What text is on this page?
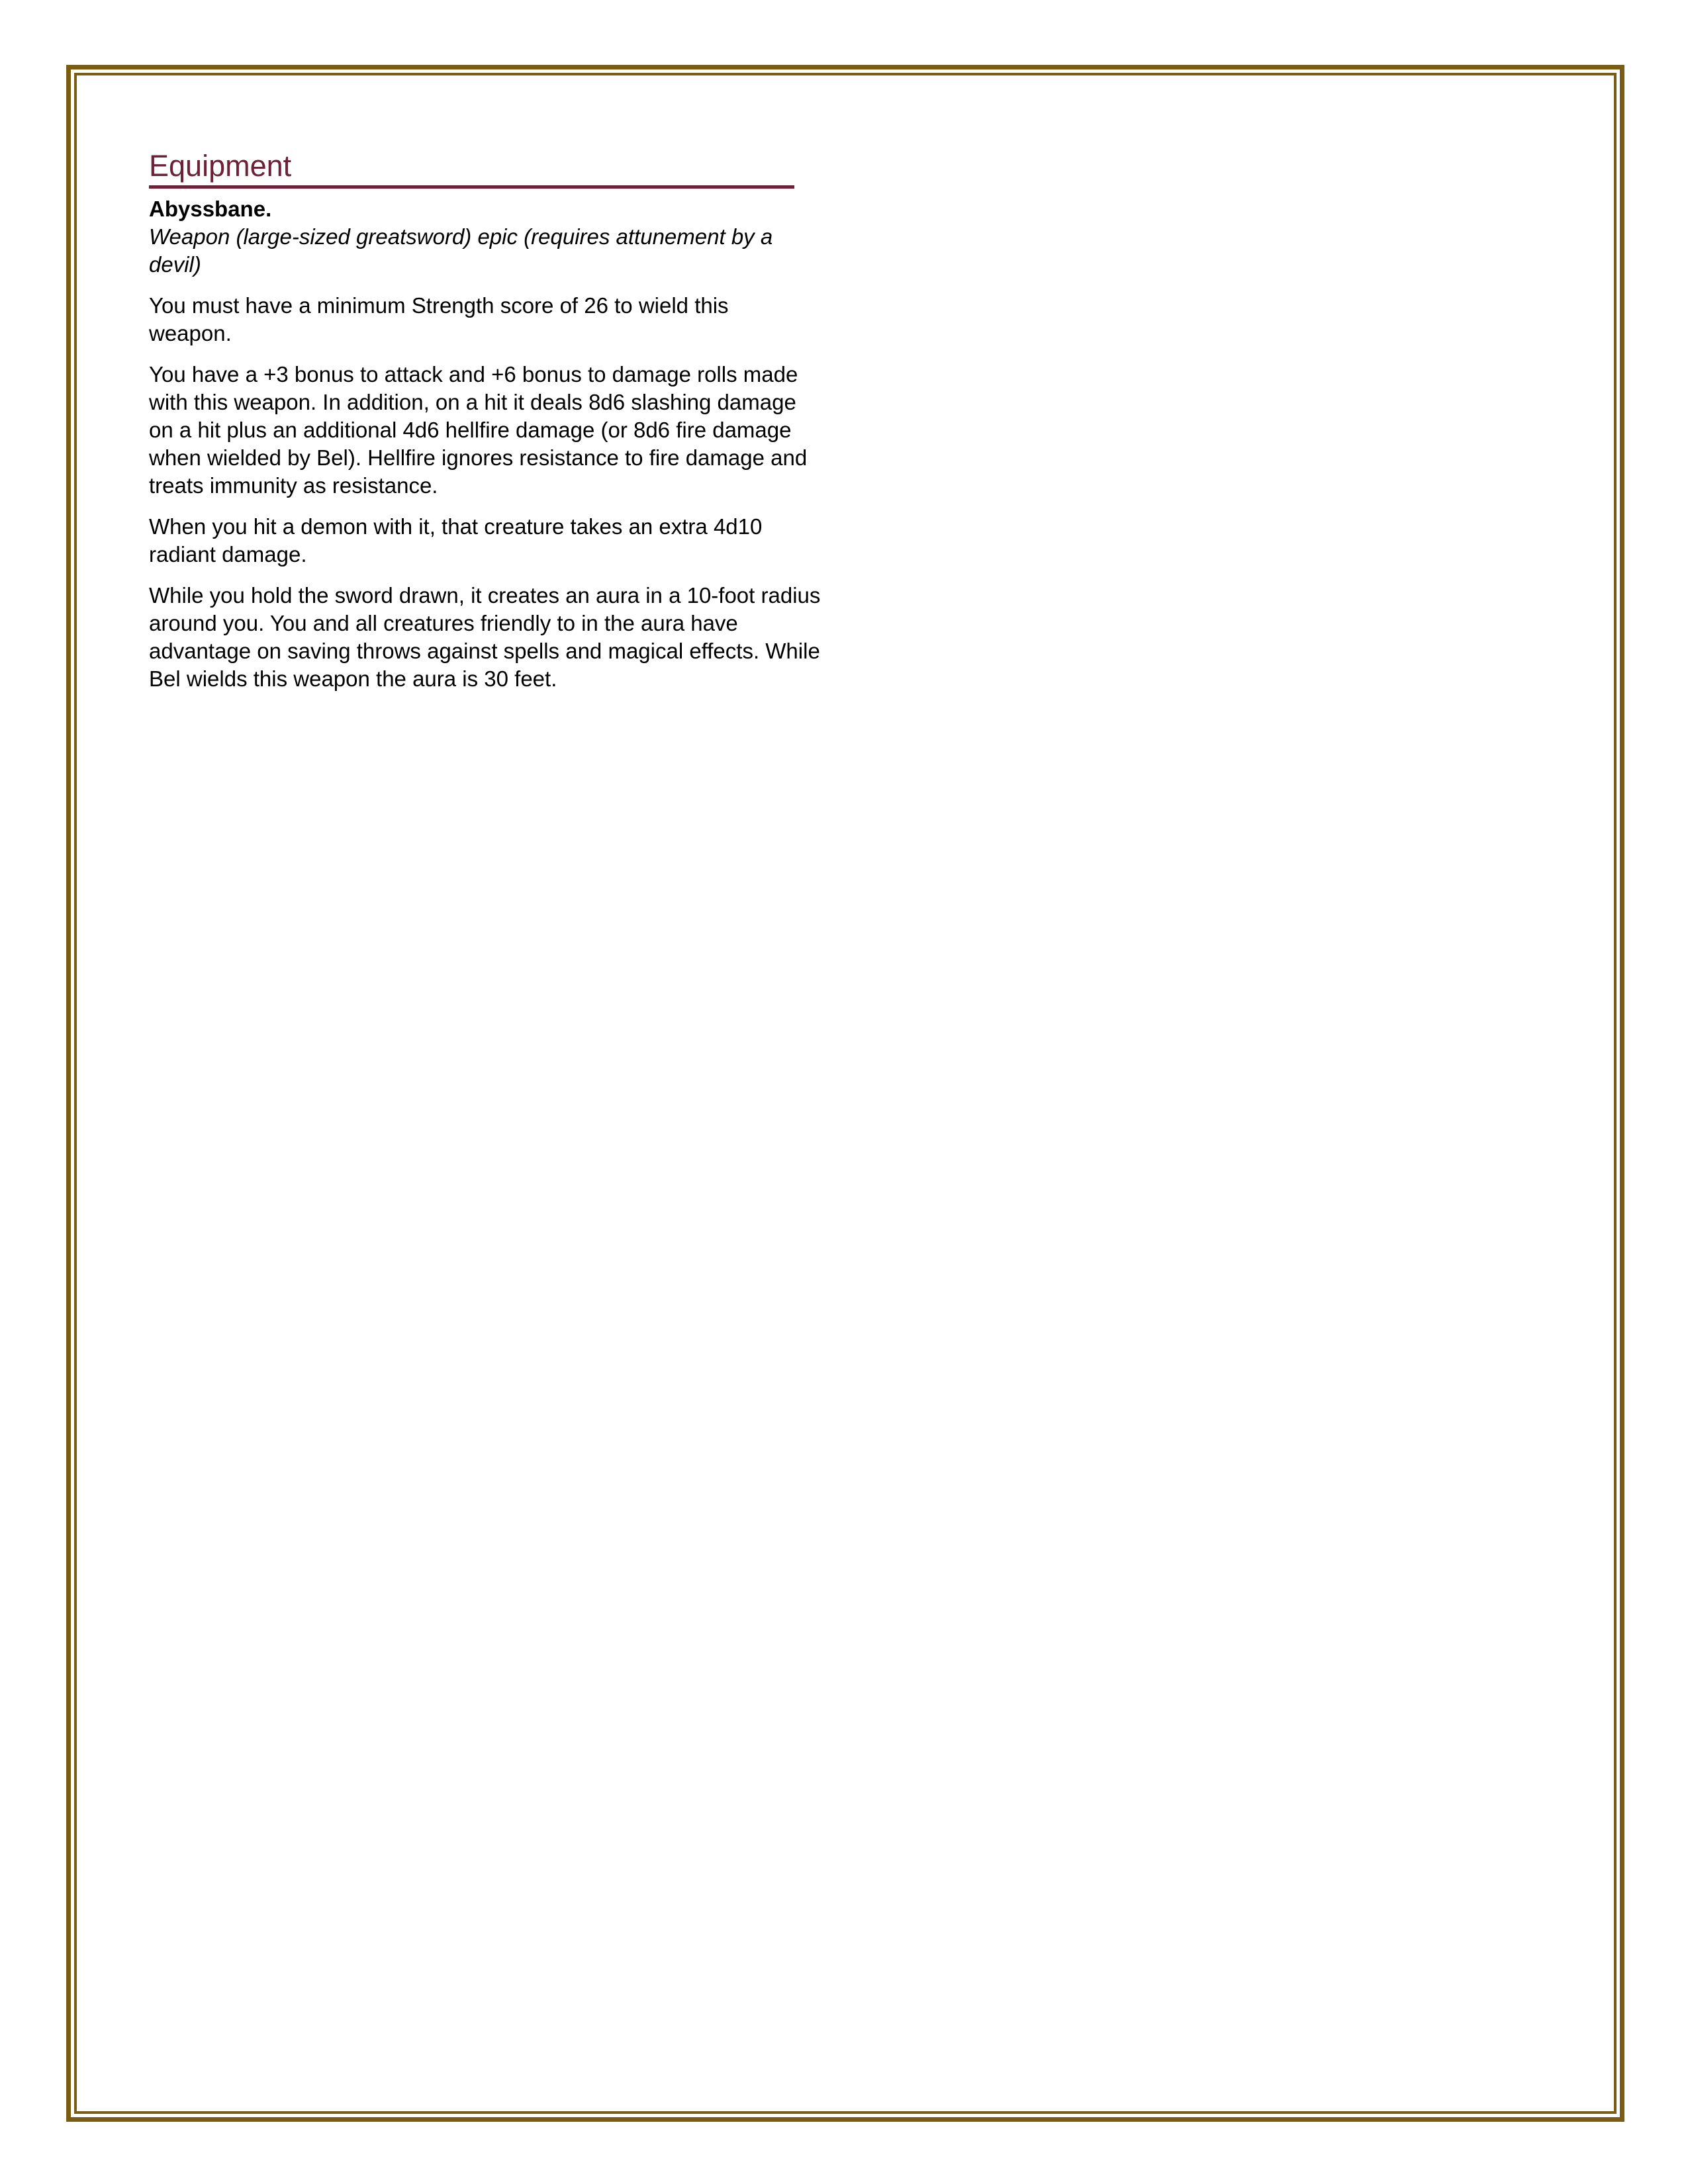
Equipment

Abyssbane.

Weapon (large-sized greatsword) epic (requires attunement by a devil)

You must have a minimum Strength score of 26 to wield this weapon.

You have a +3 bonus to attack and +6 bonus to damage rolls made with this weapon. In addition, on a hit it deals 8d6 slashing damage on a hit plus an additional 4d6 hellfire damage (or 8d6 fire damage when wielded by Bel). Hellfire ignores resistance to fire damage and treats immunity as resistance.

When you hit a demon with it, that creature takes an extra 4d10 radiant damage.

While you hold the sword drawn, it creates an aura in a 10-foot radius around you. You and all creatures friendly to in the aura have advantage on saving throws against spells and magical effects. While Bel wields this weapon the aura is 30 feet.
